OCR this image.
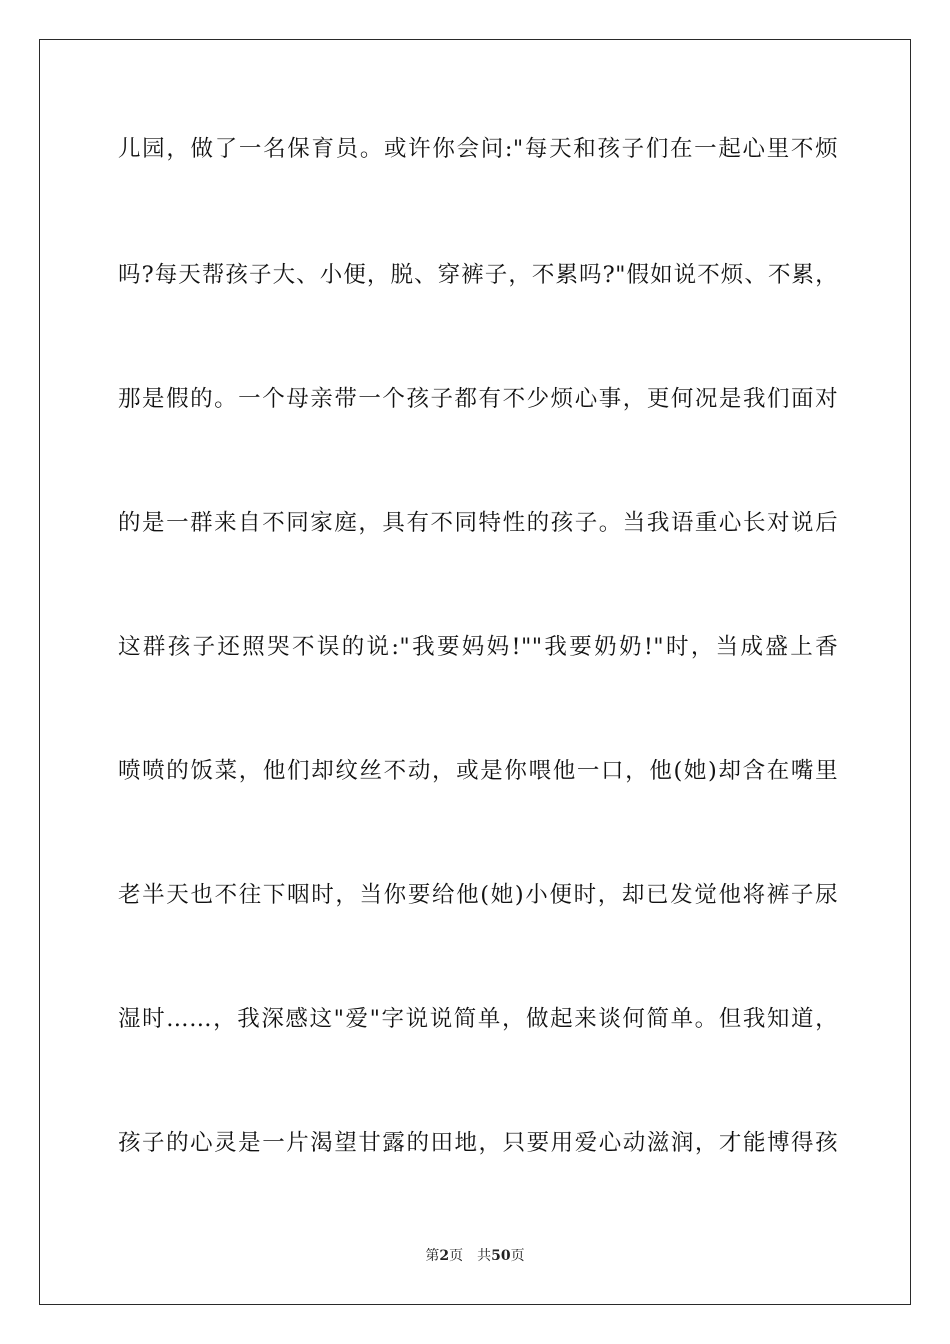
儿园，做了一名保育员。或许你会问:"每天和孩子们在一起心里不烦
吗?每天帮孩子大、小便，脱、穿裤子，不累吗?"假如说不烦、不累，
那是假的。一个母亲带一个孩子都有不少烦心事，更何况是我们面对
的是一群来自不同家庭，具有不同特性的孩子。当我语重心长对说后
这群孩子还照哭不误的说:"我要妈妈!""我要奶奶!"时，当成盛上香
喷喷的饭菜，他们却纹丝不动，或是你喂他一口，他(她)却含在嘴里
老半天也不往下咽时，当你要给他(她)小便时，却已发觉他将裤子尿
湿时……，我深感这"爱"字说说简单，做起来谈何简单。但我知道，
孩子的心灵是一片渴望甘露的田地，只要用爱心动滋润，才能博得孩
第2页 共50页
